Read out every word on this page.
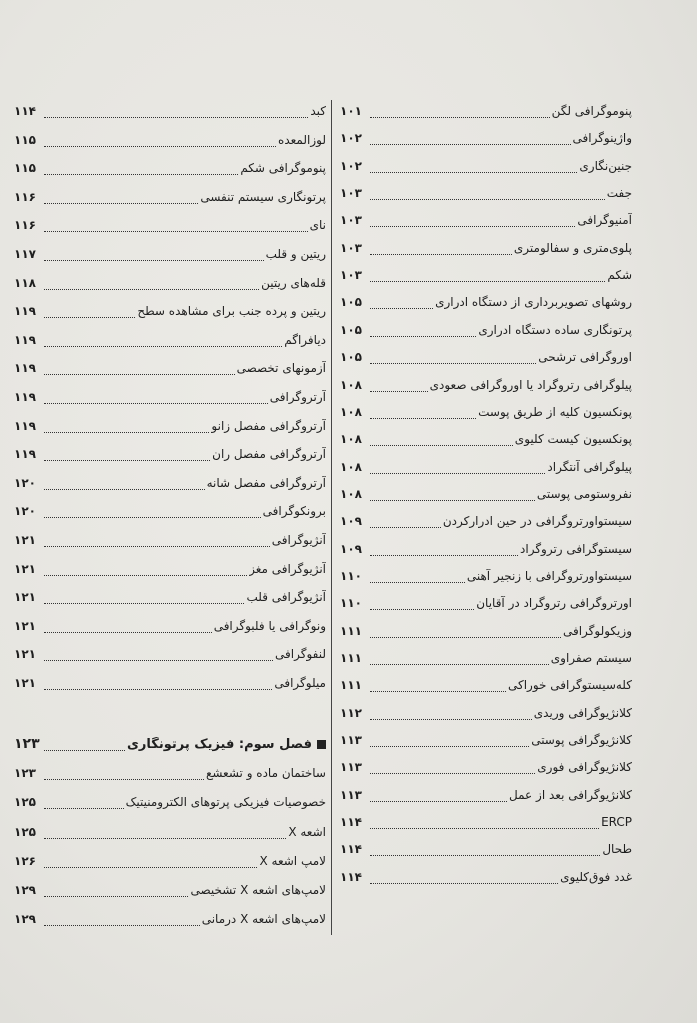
۱۰۱	پنوموگرافی لگن
۱۰۲	واژینوگرافی
۱۰۲	جنین‌نگاری
۱۰۳	جفت
۱۰۳	آمنیوگرافی
۱۰۳	پلوی‌متری و سفالومتری
۱۰۳	شکم
۱۰۵	روشهای تصویربرداری از دستگاه ادراری
۱۰۵	پرتونگاری ساده دستگاه ادراری
۱۰۵	اوروگرافی ترشحی
۱۰۸	پیلوگرافی رتروگراد یا اوروگرافی صعودی
۱۰۸	پونکسیون کلیه از طریق پوست
۱۰۸	پونکسیون کیست کلیوی
۱۰۸	پیلوگرافی آنتگراد
۱۰۸	نفروستومی پوستی
۱۰۹	سیستواورتروگرافی در حین ادرارکردن
۱۰۹	سیستوگرافی رتروگراد
۱۱۰	سیستواورتروگرافی با زنجیر آهنی
۱۱۰	اورتروگرافی رتروگراد در آقایان
۱۱۱	وزیکولوگرافی
۱۱۱	سیستم صفراوی
۱۱۱	کله‌سیستوگرافی خوراکی
۱۱۲	کلانژیوگرافی وریدی
۱۱۳	کلانژیوگرافی پوستی
۱۱۳	کلانژیوگرافی فوری
۱۱۳	کلانژیوگرافی بعد از عمل
۱۱۴	ERCP
۱۱۴	طحال
۱۱۴	غدد فوق‌کلیوی
۱۱۴	کبد
۱۱۵	لوزالمعده
۱۱۵	پنوموگرافی شکم
۱۱۶	پرتونگاری سیستم تنفسی
۱۱۶	نای
۱۱۷	ریتین و قلب
۱۱۸	قله‌های ریتین
۱۱۹	ریتین و پرده جنب برای مشاهده سطح
۱۱۹	دیافراگم
۱۱۹	آزمونهای تخصصی
۱۱۹	آرتروگرافی
۱۱۹	آرتروگرافی مفصل زانو
۱۱۹	آرتروگرافی مفصل ران
۱۲۰	آرتروگرافی مفصل شانه
۱۲۰	برونکوگرافی
۱۲۱	آنژیوگرافی
۱۲۱	آنژیوگرافی مغز
۱۲۱	آنژیوگرافی قلب
۱۲۱	ونوگرافی یا فلبوگرافی
۱۲۱	لنفوگرافی
۱۲۱	میلوگرافی
۱۲۳	فصل سوم: فیزیک پرتونگاری
۱۲۳	ساختمان ماده و تشعشع
۱۲۵	خصوصیات فیزیکی پرتوهای الکترومنیتیک
۱۲۵	اشعه X
۱۲۶	لامپ اشعه X
۱۲۹	لامپ‌های اشعه X تشخیصی
۱۲۹	لامپ‌های اشعه X درمانی
